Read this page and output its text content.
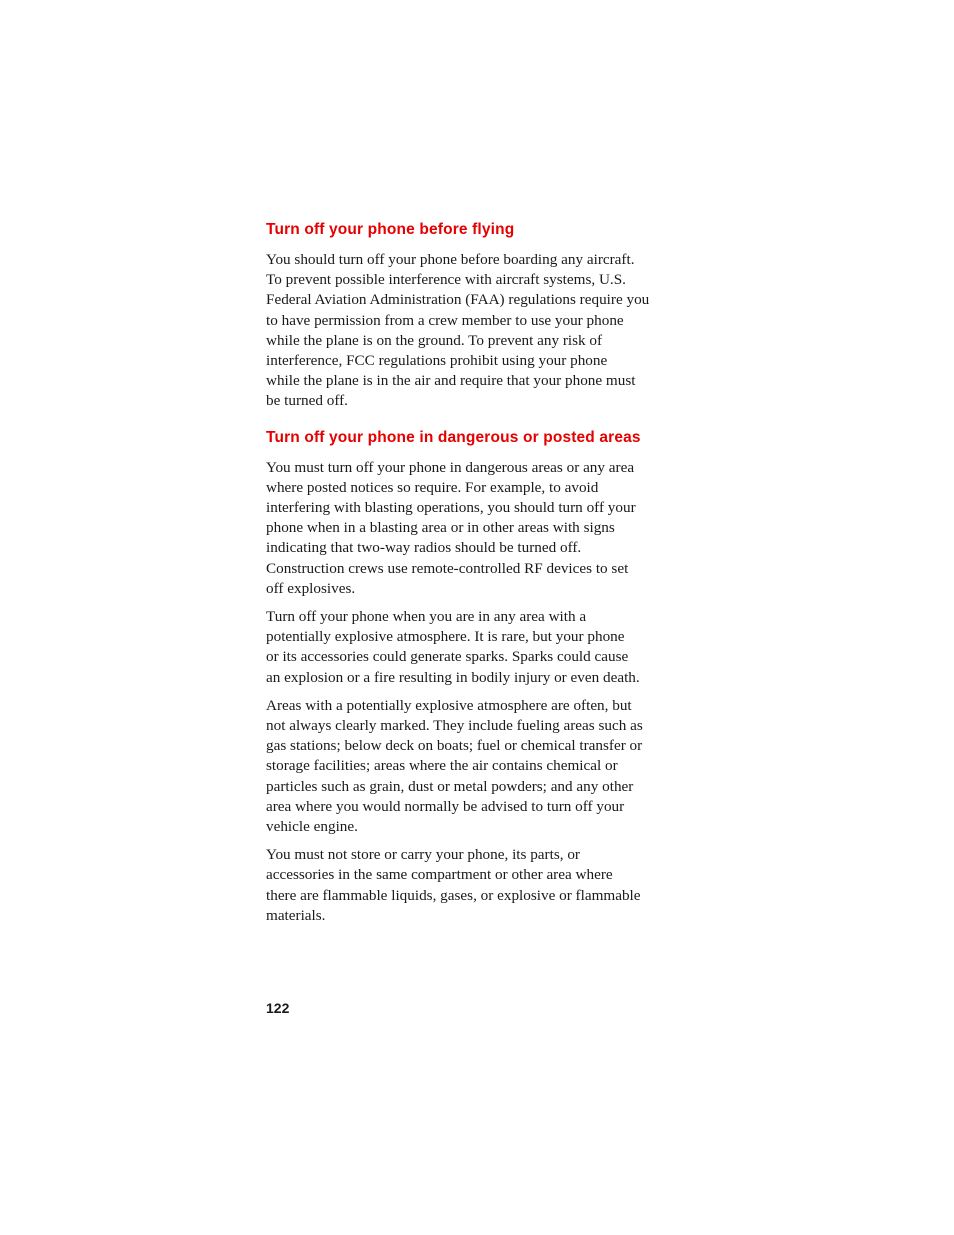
Turn off your phone before flying

You should turn off your phone before boarding any aircraft.
To prevent possible interference with aircraft systems, U.S.
Federal Aviation Administration (FAA) regulations require you
to have permission from a crew member to use your phone
while the plane is on the ground. To prevent any risk of
interference, FCC regulations prohibit using your phone
while the plane is in the air and require that your phone must
be turned off.

Turn off your phone in dangerous or posted areas

You must turn off your phone in dangerous areas or any area
where posted notices so require. For example, to avoid
interfering with blasting operations, you should turn off your
phone when in a blasting area or in other areas with signs
indicating that two-way radios should be turned off.
Construction crews use remote-controlled RF devices to set
off explosives.

Turn off your phone when you are in any area with a
potentially explosive atmosphere. It is rare, but your phone
or its accessories could generate sparks. Sparks could cause
an explosion or a fire resulting in bodily injury or even death.

Areas with a potentially explosive atmosphere are often, but
not always clearly marked. They include fueling areas such as
gas stations; below deck on boats; fuel or chemical transfer or
storage facilities; areas where the air contains chemical or
particles such as grain, dust or metal powders; and any other
area where you would normally be advised to turn off your
vehicle engine.

You must not store or carry your phone, its parts, or
accessories in the same compartment or other area where
there are flammable liquids, gases, or explosive or flammable
materials.

122
